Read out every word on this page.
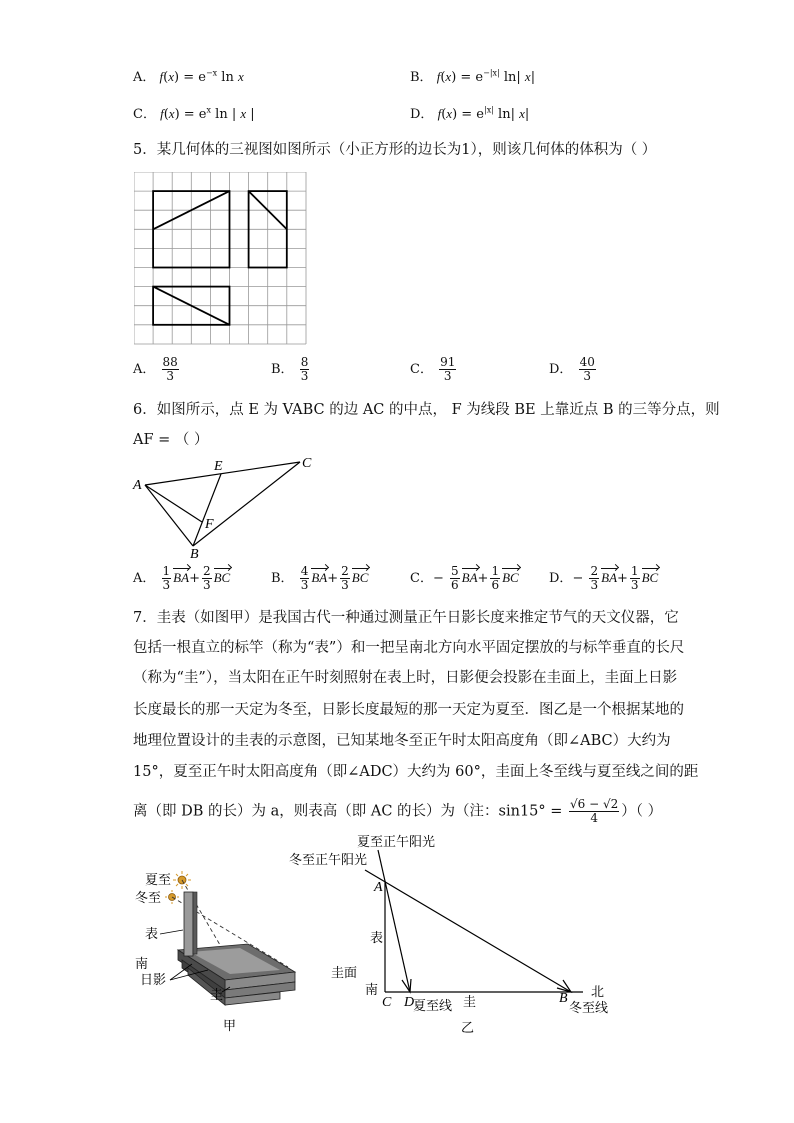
A． $f(x) = e^{-x}$ ln x	B． $f(x) = e^{-|x|}$ ln| x|
C． $f(x) = e^x$ ln | x |	D． $f(x) = e^{|x|}$ ln| x|
5．某几何体的三视图如图所示（小正方形的边长为1），则该几何体的体积为（ ）
A． $\frac{88}{3}$	B． $\frac{8}{3}$	C． $\frac{91}{3}$	D． $\frac{40}{3}$
6．如图所示，点 E 为 VABC 的边 AC 的中点， F 为线段 BE 上靠近点 B 的三等分点，则
AF = （ ）
A
C
E
F
B
A． $\frac{1}{3} BA+ \frac{2}{3}$ BC	B． $\frac{4}{3} BA+ \frac{2}{3}$ BC	C．− $\frac{5}{6} BA+ \frac{1}{6}$ BC D．− $\frac{2}{3} BA+ \frac{1}{3}$ BC
7．圭表（如图甲）是我国古代一种通过测量正午日影长度来推定节气的天文仪器，它
包括一根直立的标竿（称为“表”）和一把呈南北方向水平固定摆放的与标竿垂直的长尺
（称为“圭”），当太阳在正午时刻照射在表上时，日影便会投影在圭面上，圭面上日影
长度最长的那一天定为冬至，日影长度最短的那一天定为夏至．图乙是一个根据某地的
地理位置设计的圭表的示意图，已知某地冬至正午时太阳高度角（即∠ABC）大约为
15°，夏至正午时太阳高度角（即∠ADC）大约为 60°，圭面上冬至线与夏至线之间的距
离（即 DB 的长）为 a，则表高（即 AC 的长）为（注：$\sin 15^\circ = \frac{√6 - √2}{4}$ ）（ ）
夏至
冬至
表
南
日影
圭
甲
夏至正午阳光
冬至正午阳光
A
表
圭面
南
C D
夏至线 圭	B 北
冬至线
乙
